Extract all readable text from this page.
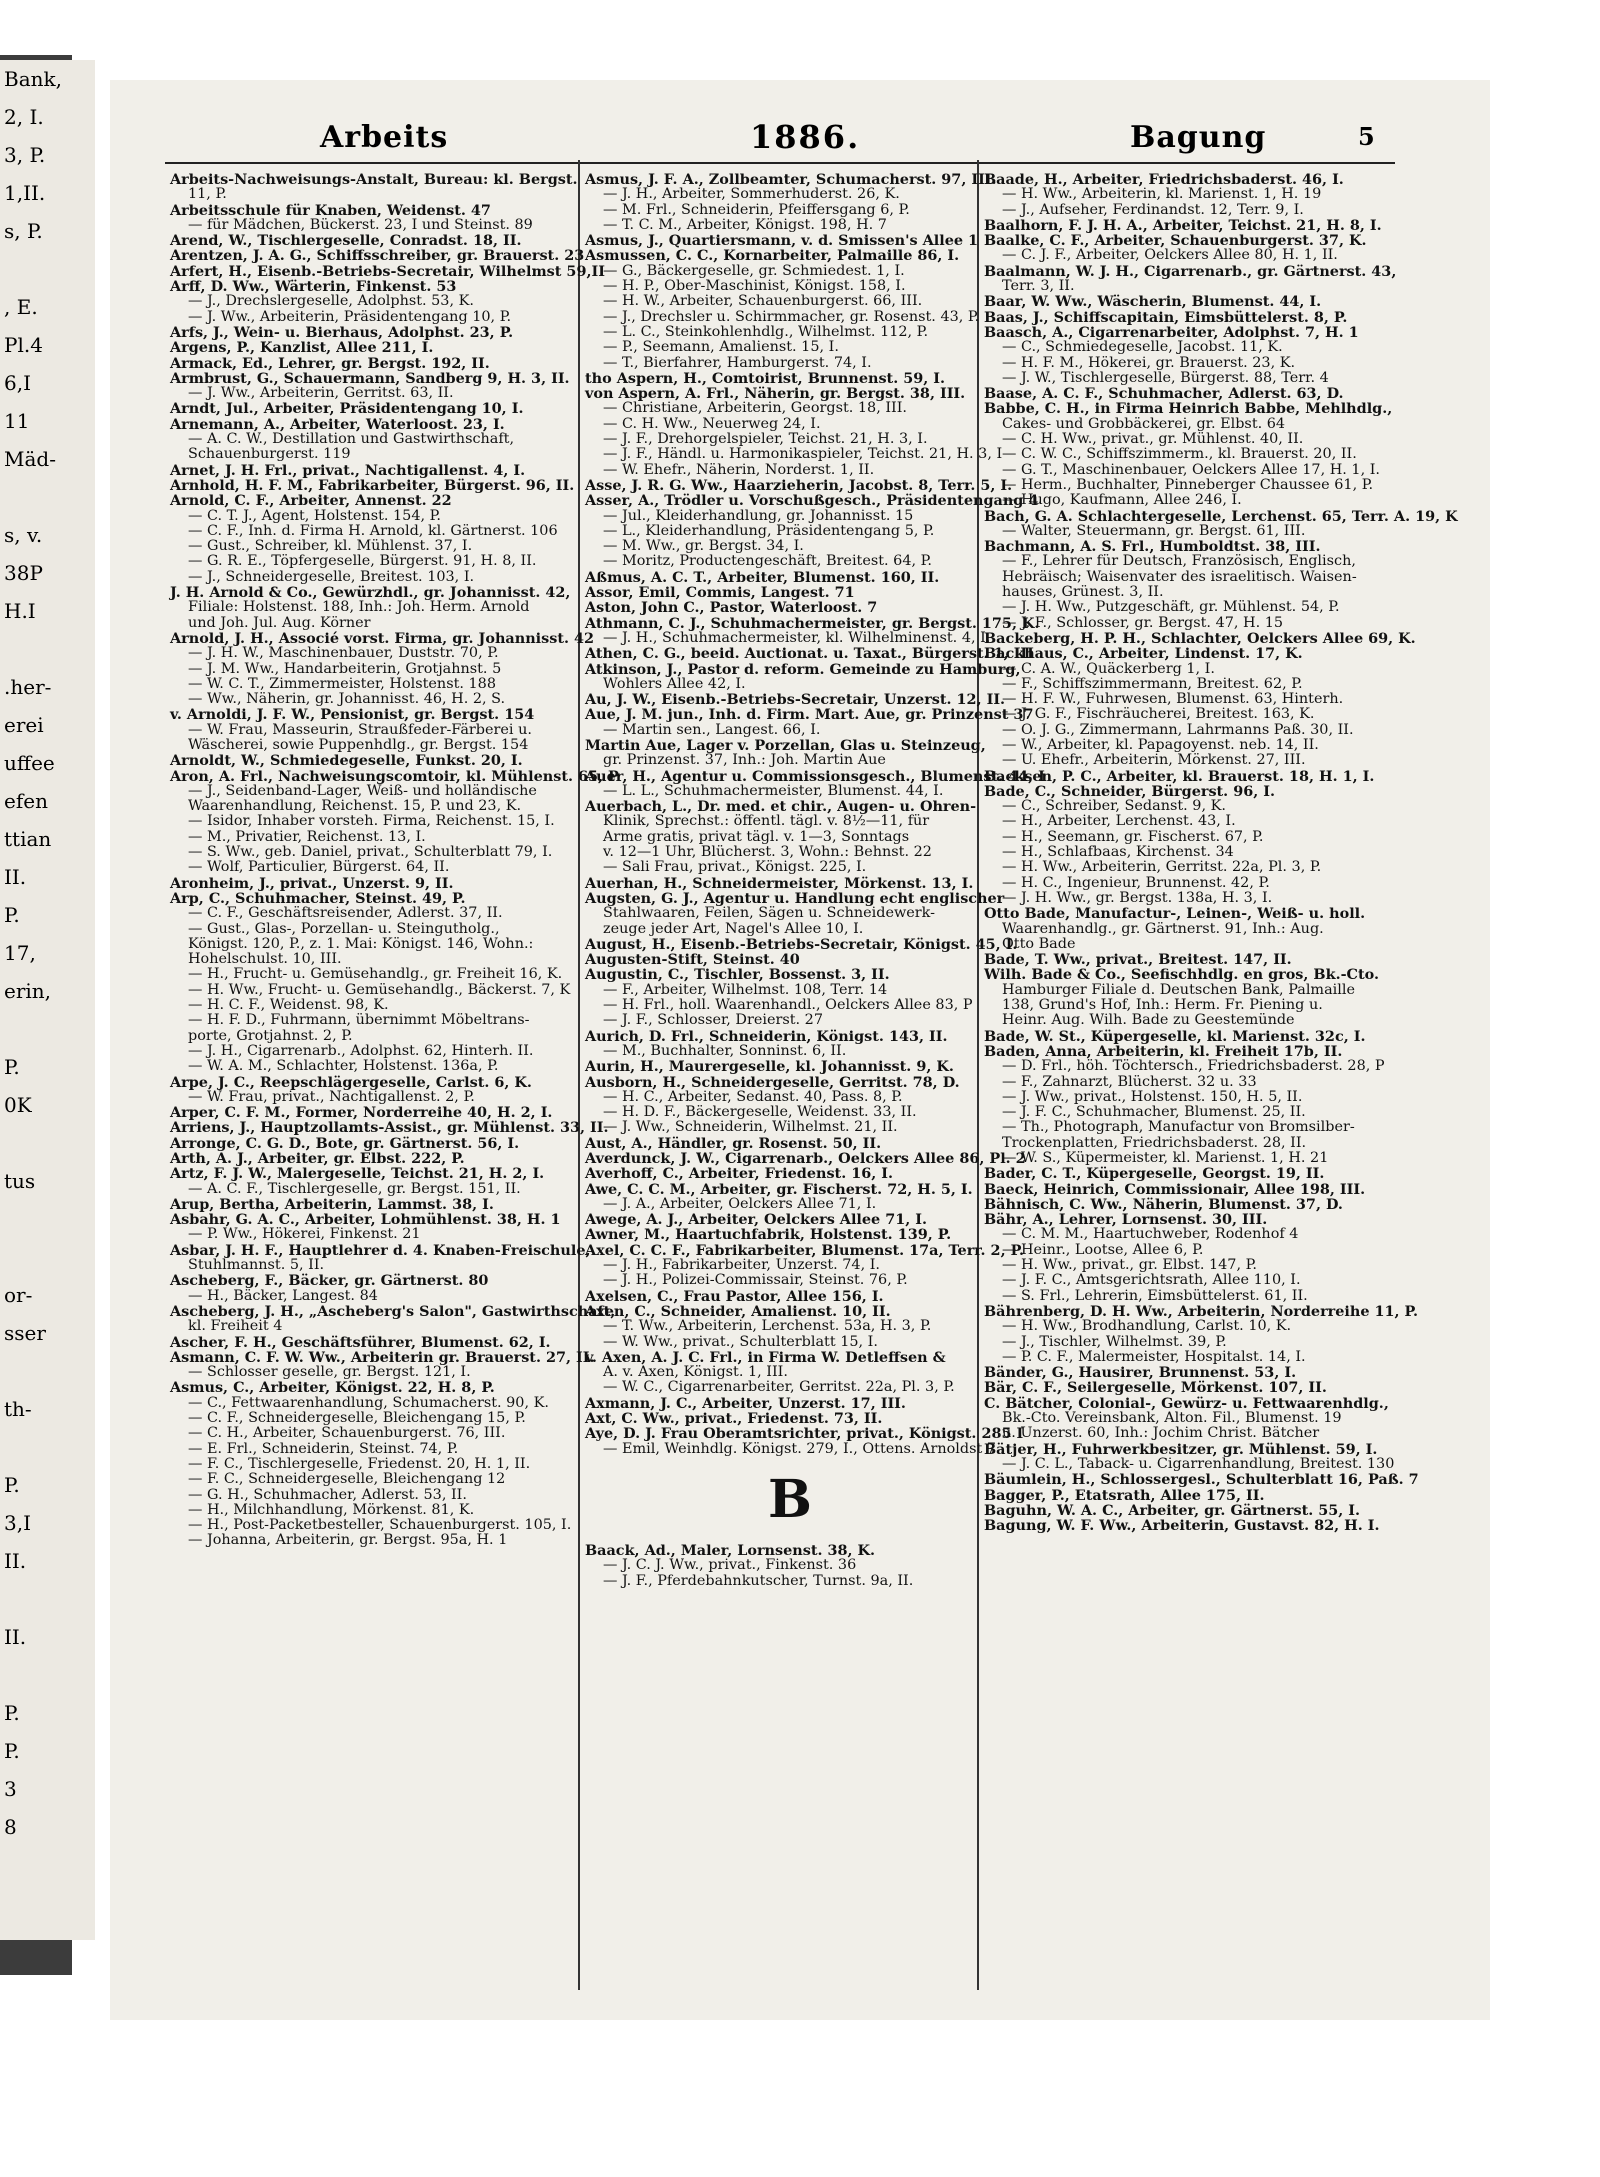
Bank,
2, I.
3, P.
1,II.
s, P.

, E.
Pl.4
6,I
11
Mäd-

s, v.
38P
H.I

.her-
erei
uffee
efen
ttian
II.
P.
17,
erin,

P.
0K

tus

or-
sser

th-

P.
3,I
II.

II.

P.
P.
3
8
Arbeits	1886.	Bagung	5
Arbeits-Nachweisungs-Anstalt, Bureau: kl. Bergst.
11, P.
Arbeitsschule für Knaben, Weidenst. 47
— für Mädchen, Bückerst. 23, I und Steinst. 89
Arend, W., Tischlergeselle, Conradst. 18, II.
Arentzen, J. A. G., Schiffsschreiber, gr. Brauerst. 23
Arfert, H., Eisenb.-Betriebs-Secretair, Wilhelmst 59,II
Arff, D. Ww., Wärterin, Finkenst. 53
— J., Drechslergeselle, Adolphst. 53, K.
— J. Ww., Arbeiterin, Präsidentengang 10, P.
Arfs, J., Wein- u. Bierhaus, Adolphst. 23, P.
Argens, P., Kanzlist, Allee 211, I.
Armack, Ed., Lehrer, gr. Bergst. 192, II.
Armbrust, G., Schauermann, Sandberg 9, H. 3, II.
— J. Ww., Arbeiterin, Gerritst. 63, II.
Arndt, Jul., Arbeiter, Präsidentengang 10, I.
Arnemann, A., Arbeiter, Waterloost. 23, I.
— A. C. W., Destillation und Gastwirthschaft,
Schauenburgerst. 119
Arnet, J. H. Frl., privat., Nachtigallenst. 4, I.
Arnhold, H. F. M., Fabrikarbeiter, Bürgerst. 96, II.
Arnold, C. F., Arbeiter, Annenst. 22
— C. T. J., Agent, Holstenst. 154, P.
— C. F., Inh. d. Firma H. Arnold, kl. Gärtnerst. 106
— Gust., Schreiber, kl. Mühlenst. 37, I.
— G. R. E., Töpfergeselle, Bürgerst. 91, H. 8, II.
— J., Schneidergeselle, Breitest. 103, I.
J. H. Arnold & Co., Gewürzhdl., gr. Johannisst. 42,
Filiale: Holstenst. 188, Inh.: Joh. Herm. Arnold
und Joh. Jul. Aug. Körner
Arnold, J. H., Associé vorst. Firma, gr. Johannisst. 42
— J. H. W., Maschinenbauer, Duststr. 70, P.
— J. M. Ww., Handarbeiterin, Grotjahnst. 5
— W. C. T., Zimmermeister, Holstenst. 188
— Ww., Näherin, gr. Johannisst. 46, H. 2, S.
v. Arnoldi, J. F. W., Pensionist, gr. Bergst. 154
— W. Frau, Masseurin, Straußfeder-Färberei u.
Wäscherei, sowie Puppenhdlg., gr. Bergst. 154
Arnoldt, W., Schmiedegeselle, Funkst. 20, I.
Aron, A. Frl., Nachweisungscomtoir, kl. Mühlenst. 65, P
— J., Seidenband-Lager, Weiß- und holländische
Waarenhandlung, Reichenst. 15, P. und 23, K.
— Isidor, Inhaber vorsteh. Firma, Reichenst. 15, I.
— M., Privatier, Reichenst. 13, I.
— S. Ww., geb. Daniel, privat., Schulterblatt 79, I.
— Wolf, Particulier, Bürgerst. 64, II.
Aronheim, J., privat., Unzerst. 9, II.
Arp, C., Schuhmacher, Steinst. 49, P.
— C. F., Geschäftsreisender, Adlerst. 37, II.
— Gust., Glas-, Porzellan- u. Steingutholg.,
Königst. 120, P., z. 1. Mai: Königst. 146, Wohn.:
Hohelschulst. 10, III.
— H., Frucht- u. Gemüsehandlg., gr. Freiheit 16, K.
— H. Ww., Frucht- u. Gemüsehandlg., Bäckerst. 7, K
— H. C. F., Weidenst. 98, K.
— H. F. D., Fuhrmann, übernimmt Möbeltrans-
porte, Grotjahnst. 2, P.
— J. H., Cigarrenarb., Adolphst. 62, Hinterh. II.
— W. A. M., Schlachter, Holstenst. 136a, P.
Arpe, J. C., Reepschlägergeselle, Carlst. 6, K.
— W. Frau, privat., Nachtigallenst. 2, P.
Arper, C. F. M., Former, Norderreihe 40, H. 2, I.
Arriens, J., Hauptzollamts-Assist., gr. Mühlenst. 33, II.
Arronge, C. G. D., Bote, gr. Gärtnerst. 56, I.
Arth, A. J., Arbeiter, gr. Elbst. 222, P.
Artz, F. J. W., Malergeselle, Teichst. 21, H. 2, I.
— A. C. F., Tischlergeselle, gr. Bergst. 151, II.
Arup, Bertha, Arbeiterin, Lammst. 38, I.
Asbahr, G. A. C., Arbeiter, Lohmühlenst. 38, H. 1
— P. Ww., Hökerei, Finkenst. 21
Asbar, J. H. F., Hauptlehrer d. 4. Knaben-Freischule,
Stuhlmannst. 5, II.
Ascheberg, F., Bäcker, gr. Gärtnerst. 80
— H., Bäcker, Langest. 84
Ascheberg, J. H., „Ascheberg's Salon", Gastwirthschaft,
kl. Freiheit 4
Ascher, F. H., Geschäftsführer, Blumenst. 62, I.
Asmann, C. F. W. Ww., Arbeiterin gr. Brauerst. 27, II.
— Schlosser geselle, gr. Bergst. 121, I.
Asmus, C., Arbeiter, Königst. 22, H. 8, P.
— C., Fettwaarenhandlung, Schumacherst. 90, K.
— C. F., Schneidergeselle, Bleichengang 15, P.
— C. H., Arbeiter, Schauenburgerst. 76, III.
— E. Frl., Schneiderin, Steinst. 74, P.
— F. C., Tischlergeselle, Friedenst. 20, H. 1, II.
— F. C., Schneidergeselle, Bleichengang 12
— G. H., Schuhmacher, Adlerst. 53, II.
— H., Milchhandlung, Mörkenst. 81, K.
— H., Post-Packetbesteller, Schauenburgerst. 105, I.
— Johanna, Arbeiterin, gr. Bergst. 95a, H. 1
Asmus, J. F. A., Zollbeamter, Schumacherst. 97, III.
— J. H., Arbeiter, Sommerhuderst. 26, K.
— M. Frl., Schneiderin, Pfeiffersgang 6, P.
— T. C. M., Arbeiter, Königst. 198, H. 7
Asmus, J., Quartiersmann, v. d. Smissen's Allee 1
Asmussen, C. C., Kornarbeiter, Palmaille 86, I.
— G., Bäckergeselle, gr. Schmiedest. 1, I.
— H. P., Ober-Maschinist, Königst. 158, I.
— H. W., Arbeiter, Schauenburgerst. 66, III.
— J., Drechsler u. Schirmmacher, gr. Rosenst. 43, P.
— L. C., Steinkohlenhdlg., Wilhelmst. 112, P.
— P., Seemann, Amalienst. 15, I.
— T., Bierfahrer, Hamburgerst. 74, I.
tho Aspern, H., Comtoirist, Brunnenst. 59, I.
von Aspern, A. Frl., Näherin, gr. Bergst. 38, III.
— Christiane, Arbeiterin, Georgst. 18, III.
— C. H. Ww., Neuerweg 24, I.
— J. F., Drehorgelspieler, Teichst. 21, H. 3, I.
— J. F., Händl. u. Harmonikaspieler, Teichst. 21, H. 3, I
— W. Ehefr., Näherin, Norderst. 1, II.
Asse, J. R. G. Ww., Haarzieherin, Jacobst. 8, Terr. 5, I.
Asser, A., Trödler u. Vorschußgesch., Präsidentengang 4
— Jul., Kleiderhandlung, gr. Johannisst. 15
— L., Kleiderhandlung, Präsidentengang 5, P.
— M. Ww., gr. Bergst. 34, I.
— Moritz, Productengeschäft, Breitest. 64, P.
Aßmus, A. C. T., Arbeiter, Blumenst. 160, II.
Assor, Emil, Commis, Langest. 71
Aston, John C., Pastor, Waterloost. 7
Athmann, C. J., Schuhmachermeister, gr. Bergst. 175, K.
— J. H., Schuhmachermeister, kl. Wilhelminenst. 4, I.
Athen, C. G., beeid. Auctionat. u. Taxat., Bürgerst. 1, III
Atkinson, J., Pastor d. reform. Gemeinde zu Hamburg,
Wohlers Allee 42, I.
Au, J. W., Eisenb.-Betriebs-Secretair, Unzerst. 12, II.
Aue, J. M. jun., Inh. d. Firm. Mart. Aue, gr. Prinzenst 37
— Martin sen., Langest. 66, I.
Martin Aue, Lager v. Porzellan, Glas u. Steinzeug,
gr. Prinzenst. 37, Inh.: Joh. Martin Aue
Auer, H., Agentur u. Commissionsgesch., Blumenst. 44, I
— L. L., Schuhmachermeister, Blumenst. 44, I.
Auerbach, L., Dr. med. et chir., Augen- u. Ohren-
Klinik, Sprechst.: öffentl. tägl. v. 8½—11, für
Arme gratis, privat tägl. v. 1—3, Sonntags
v. 12—1 Uhr, Blücherst. 3, Wohn.: Behnst. 22
— Sali Frau, privat., Königst. 225, I.
Auerhan, H., Schneidermeister, Mörkenst. 13, I.
Augsten, G. J., Agentur u. Handlung echt englischer
Stahlwaaren, Feilen, Sägen u. Schneidewerk-
zeuge jeder Art, Nagel's Allee 10, I.
August, H., Eisenb.-Betriebs-Secretair, Königst. 45, I.
Augusten-Stift, Steinst. 40
Augustin, C., Tischler, Bossenst. 3, II.
— F., Arbeiter, Wilhelmst. 108, Terr. 14
— H. Frl., holl. Waarenhandl., Oelckers Allee 83, P
— J. F., Schlosser, Dreierst. 27
Aurich, D. Frl., Schneiderin, Königst. 143, II.
— M., Buchhalter, Sonninst. 6, II.
Aurin, H., Maurergeselle, kl. Johannisst. 9, K.
Ausborn, H., Schneidergeselle, Gerritst. 78, D.
— H. C., Arbeiter, Sedanst. 40, Pass. 8, P.
— H. D. F., Bäckergeselle, Weidenst. 33, II.
— J. Ww., Schneiderin, Wilhelmst. 21, II.
Aust, A., Händler, gr. Rosenst. 50, II.
Averdunck, J. W., Cigarrenarb., Oelckers Allee 86, Pl. 2
Averhoff, C., Arbeiter, Friedenst. 16, I.
Awe, C. C. M., Arbeiter, gr. Fischerst. 72, H. 5, I.
— J. A., Arbeiter, Oelckers Allee 71, I.
Awege, A. J., Arbeiter, Oelckers Allee 71, I.
Awner, M., Haartuchfabrik, Holstenst. 139, P.
Axel, C. C. F., Fabrikarbeiter, Blumenst. 17a, Terr. 2, P.
— J. H., Fabrikarbeiter, Unzerst. 74, I.
— J. H., Polizei-Commissair, Steinst. 76, P.
Axelsen, C., Frau Pastor, Allee 156, I.
Axen, C., Schneider, Amalienst. 10, II.
— T. Ww., Arbeiterin, Lerchenst. 53a, H. 3, P.
— W. Ww., privat., Schulterblatt 15, I.
v. Axen, A. J. C. Frl., in Firma W. Detleffsen &
A. v. Axen, Königst. 1, III.
— W. C., Cigarrenarbeiter, Gerritst. 22a, Pl. 3, P.
Axmann, J. C., Arbeiter, Unzerst. 17, III.
Axt, C. Ww., privat., Friedenst. 73, II.
Aye, D. J. Frau Oberamtsrichter, privat., Königst. 285 I
— Emil, Weinhdlg. Königst. 279, I., Ottens. Arnoldst 7
B
Baack, Ad., Maler, Lornsenst. 38, K.
— J. C. J. Ww., privat., Finkenst. 36
— J. F., Pferdebahnkutscher, Turnst. 9a, II.
Baade, H., Arbeiter, Friedrichsbaderst. 46, I.
— H. Ww., Arbeiterin, kl. Marienst. 1, H. 19
— J., Aufseher, Ferdinandst. 12, Terr. 9, I.
Baalhorn, F. J. H. A., Arbeiter, Teichst. 21, H. 8, I.
Baalke, C. F., Arbeiter, Schauenburgerst. 37, K.
— C. J. F., Arbeiter, Oelckers Allee 80, H. 1, II.
Baalmann, W. J. H., Cigarrenarb., gr. Gärtnerst. 43,
Terr. 3, II.
Baar, W. Ww., Wäscherin, Blumenst. 44, I.
Baas, J., Schiffscapitain, Eimsbüttelerst. 8, P.
Baasch, A., Cigarrenarbeiter, Adolphst. 7, H. 1
— C., Schmiedegeselle, Jacobst. 11, K.
— H. F. M., Hökerei, gr. Brauerst. 23, K.
— J. W., Tischlergeselle, Bürgerst. 88, Terr. 4
Baase, A. C. F., Schuhmacher, Adlerst. 63, D.
Babbe, C. H., in Firma Heinrich Babbe, Mehlhdlg.,
Cakes- und Grobbäckerei, gr. Elbst. 64
— C. H. Ww., privat., gr. Mühlenst. 40, II.
— C. W. C., Schiffszimmerm., kl. Brauerst. 20, II.
— G. T., Maschinenbauer, Oelckers Allee 17, H. 1, I.
— Herm., Buchhalter, Pinneberger Chaussee 61, P.
— Hugo, Kaufmann, Allee 246, I.
Bach, G. A. Schlachtergeselle, Lerchenst. 65, Terr. A. 19, K
— Walter, Steuermann, gr. Bergst. 61, III.
Bachmann, A. S. Frl., Humboldtst. 38, III.
— F., Lehrer für Deutsch, Französisch, Englisch,
Hebräisch; Waisenvater des israelitisch. Waisen-
hauses, Grünest. 3, II.
— J. H. Ww., Putzgeschäft, gr. Mühlenst. 54, P.
— J. F., Schlosser, gr. Bergst. 47, H. 15
Backeberg, H. P. H., Schlachter, Oelckers Allee 69, K.
Backhaus, C., Arbeiter, Lindenst. 17, K.
— C. A. W., Quäckerberg 1, I.
— F., Schiffszimmermann, Breitest. 62, P.
— H. F. W., Fuhrwesen, Blumenst. 63, Hinterh.
— J. G. F., Fischräucherei, Breitest. 163, K.
— O. J. G., Zimmermann, Lahrmanns Paß. 30, II.
— W., Arbeiter, kl. Papagoyenst. neb. 14, II.
— U. Ehefr., Arbeiterin, Mörkenst. 27, III.
Backsen, P. C., Arbeiter, kl. Brauerst. 18, H. 1, I.
Bade, C., Schneider, Bürgerst. 96, I.
— C., Schreiber, Sedanst. 9, K.
— H., Arbeiter, Lerchenst. 43, I.
— H., Seemann, gr. Fischerst. 67, P.
— H., Schlafbaas, Kirchenst. 34
— H. Ww., Arbeiterin, Gerritst. 22a, Pl. 3, P.
— H. C., Ingenieur, Brunnenst. 42, P.
— J. H. Ww., gr. Bergst. 138a, H. 3, I.
Otto Bade, Manufactur-, Leinen-, Weiß- u. holl.
Waarenhandlg., gr. Gärtnerst. 91, Inh.: Aug.
Otto Bade
Bade, T. Ww., privat., Breitest. 147, II.
Wilh. Bade & Co., Seefischhdlg. en gros, Bk.-Cto.
Hamburger Filiale d. Deutschen Bank, Palmaille
138, Grund's Hof, Inh.: Herm. Fr. Piening u.
Heinr. Aug. Wilh. Bade zu Geestemünde
Bade, W. St., Küpergeselle, kl. Marienst. 32c, I.
Baden, Anna, Arbeiterin, kl. Freiheit 17b, II.
— D. Frl., höh. Töchtersch., Friedrichsbaderst. 28, P
— F., Zahnarzt, Blücherst. 32 u. 33
— J. Ww., privat., Holstenst. 150, H. 5, II.
— J. F. C., Schuhmacher, Blumenst. 25, II.
— Th., Photograph, Manufactur von Bromsilber-
Trockenplatten, Friedrichsbaderst. 28, II.
— W. S., Küpermeister, kl. Marienst. 1, H. 21
Bader, C. T., Küpergeselle, Georgst. 19, II.
Baeck, Heinrich, Commissionair, Allee 198, III.
Bähnisch, C. Ww., Näherin, Blumenst. 37, D.
Bähr, A., Lehrer, Lornsenst. 30, III.
— C. M. M., Haartuchweber, Rodenhof 4
— Heinr., Lootse, Allee 6, P.
— H. Ww., privat., gr. Elbst. 147, P.
— J. F. C., Amtsgerichtsrath, Allee 110, I.
— S. Frl., Lehrerin, Eimsbüttelerst. 61, II.
Bährenberg, D. H. Ww., Arbeiterin, Norderreihe 11, P.
— H. Ww., Brodhandlung, Carlst. 10, K.
— J., Tischler, Wilhelmst. 39, P.
— P. C. F., Malermeister, Hospitalst. 14, I.
Bänder, G., Hausirer, Brunnenst. 53, I.
Bär, C. F., Seilergeselle, Mörkenst. 107, II.
C. Bätcher, Colonial-, Gewürz- u. Fettwaarenhdlg.,
Bk.-Cto. Vereinsbank, Alton. Fil., Blumenst. 19
u. Unzerst. 60, Inh.: Jochim Christ. Bätcher
Bätjer, H., Fuhrwerkbesitzer, gr. Mühlenst. 59, I.
— J. C. L., Taback- u. Cigarrenhandlung, Breitest. 130
Bäumlein, H., Schlossergesl., Schulterblatt 16, Paß. 7
Bagger, P., Etatsrath, Allee 175, II.
Baguhn, W. A. C., Arbeiter, gr. Gärtnerst. 55, I.
Bagung, W. F. Ww., Arbeiterin, Gustavst. 82, H. I.
